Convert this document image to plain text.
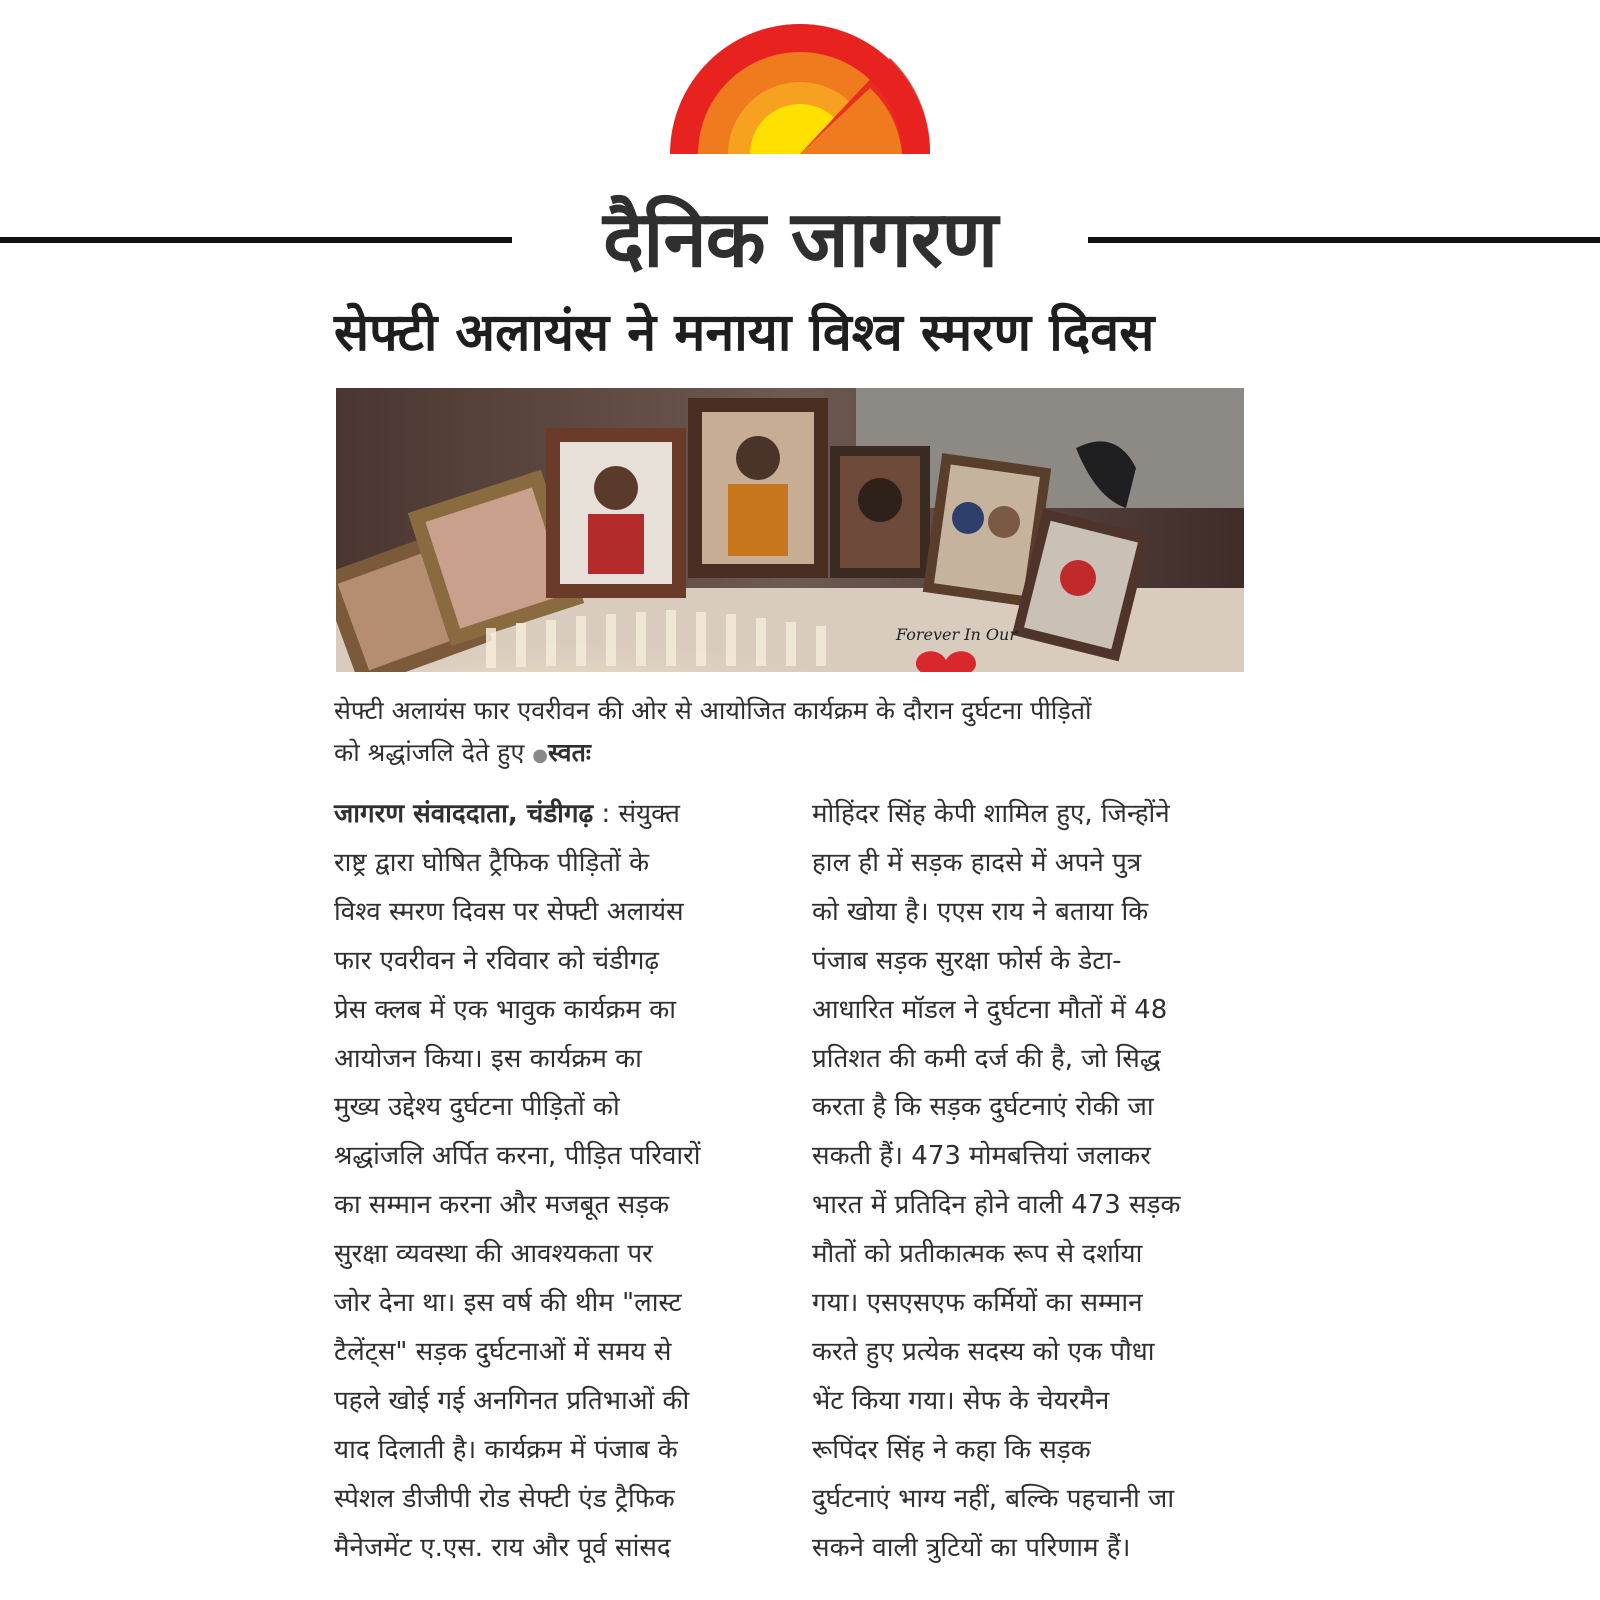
दैनिक जागरण
सेफ्टी अलायंस ने मनाया विश्व स्मरण दिवस
Forever In Our
सेफ्टी अलायंस फार एवरीवन की ओर से आयोजित कार्यक्रम के दौरान दुर्घटना पीड़ितों
को श्रद्धांजलि देते हुए ●स्वतः
जागरण संवाददाता, चंडीगढ़ : संयुक्त
राष्ट्र द्वारा घोषित ट्रैफिक पीड़ितों के
विश्व स्मरण दिवस पर सेफ्टी अलायंस
फार एवरीवन ने रविवार को चंडीगढ़
प्रेस क्लब में एक भावुक कार्यक्रम का
आयोजन किया। इस कार्यक्रम का
मुख्य उद्देश्य दुर्घटना पीड़ितों को
श्रद्धांजलि अर्पित करना, पीड़ित परिवारों
का सम्मान करना और मजबूत सड़क
सुरक्षा व्यवस्था की आवश्यकता पर
जोर देना था। इस वर्ष की थीम "लास्ट
टैलेंट्स" सड़क दुर्घटनाओं में समय से
पहले खोई गई अनगिनत प्रतिभाओं की
याद दिलाती है। कार्यक्रम में पंजाब के
स्पेशल डीजीपी रोड सेफ्टी एंड ट्रैफिक
मैनेजमेंट ए.एस. राय और पूर्व सांसद
मोहिंदर सिंह केपी शामिल हुए, जिन्होंने
हाल ही में सड़क हादसे में अपने पुत्र
को खोया है। एएस राय ने बताया कि
पंजाब सड़क सुरक्षा फोर्स के डेटा-
आधारित मॉडल ने दुर्घटना मौतों में 48
प्रतिशत की कमी दर्ज की है, जो सिद्ध
करता है कि सड़क दुर्घटनाएं रोकी जा
सकती हैं। 473 मोमबत्तियां जलाकर
भारत में प्रतिदिन होने वाली 473 सड़क
मौतों को प्रतीकात्मक रूप से दर्शाया
गया। एसएसएफ कर्मियों का सम्मान
करते हुए प्रत्येक सदस्य को एक पौधा
भेंट किया गया। सेफ के चेयरमैन
रूपिंदर सिंह ने कहा कि सड़क
दुर्घटनाएं भाग्य नहीं, बल्कि पहचानी जा
सकने वाली त्रुटियों का परिणाम हैं।
